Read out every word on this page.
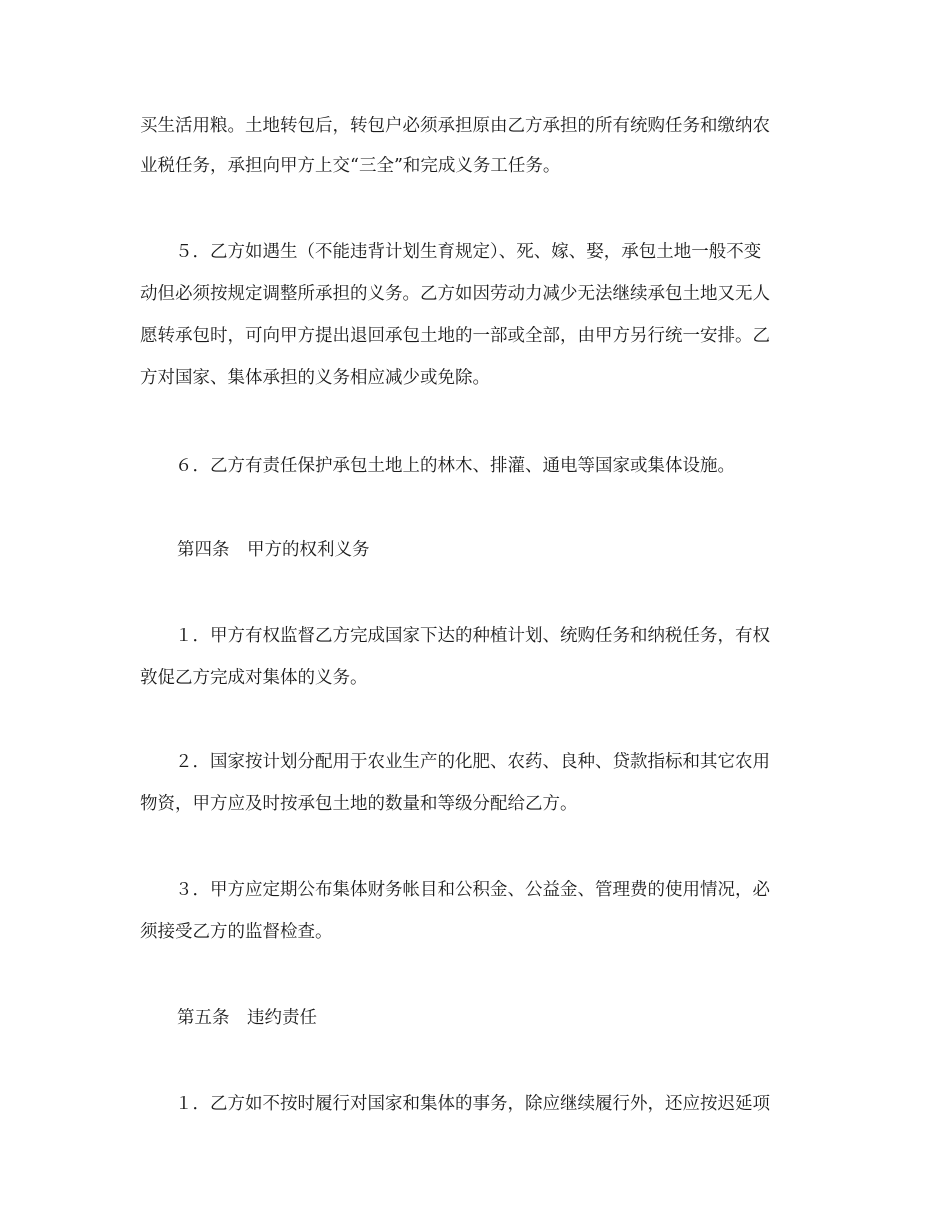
买生活用粮。土地转包后，转包户必须承担原由乙方承担的所有统购任务和缴纳农
业税任务，承担向甲方上交“三全”和完成义务工任务。
　　５．乙方如遇生（不能违背计划生育规定）、死、嫁、娶，承包土地一般不变
动但必须按规定调整所承担的义务。乙方如因劳动力减少无法继续承包土地又无人
愿转承包时，可向甲方提出退回承包土地的一部或全部，由甲方另行统一安排。乙
方对国家、集体承担的义务相应减少或免除。
　　６．乙方有责任保护承包土地上的林木、排灌、通电等国家或集体设施。
第四条　甲方的权利义务
　　１．甲方有权监督乙方完成国家下达的种植计划、统购任务和纳税任务，有权
敦促乙方完成对集体的义务。
　　２．国家按计划分配用于农业生产的化肥、农药、良种、贷款指标和其它农用
物资，甲方应及时按承包土地的数量和等级分配给乙方。
　　３．甲方应定期公布集体财务帐目和公积金、公益金、管理费的使用情况，必
须接受乙方的监督检查。
第五条　违约责任
　　１．乙方如不按时履行对国家和集体的事务，除应继续履行外，还应按迟延项
